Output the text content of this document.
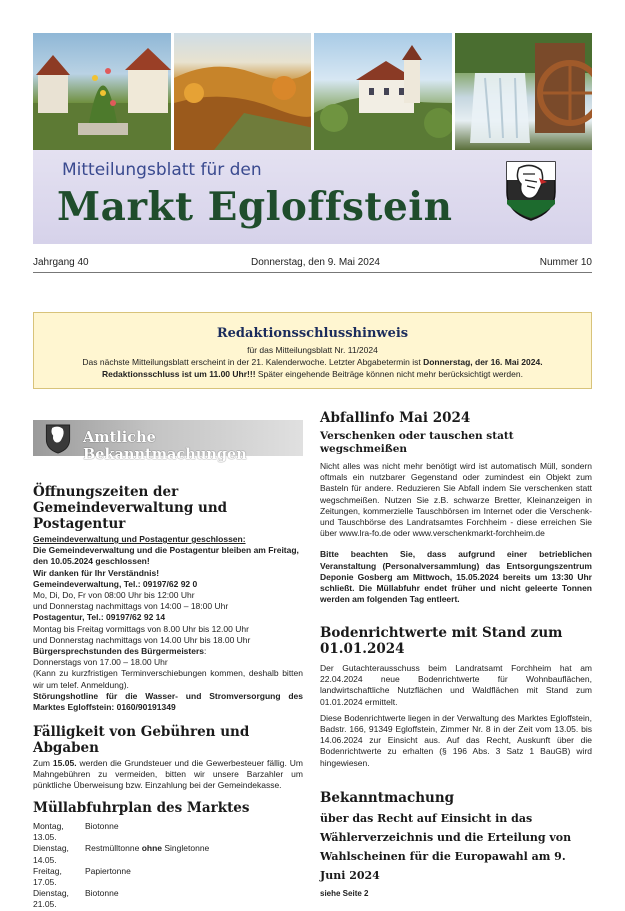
Mitteilungsblatt für den
Markt Egloffstein
Jahrgang 40	Donnerstag, den 9. Mai 2024	Nummer 10
Redaktionsschlusshinweis

für das Mitteilungsblatt Nr. 11/2024

Das nächste Mitteilungsblatt erscheint in der 21. Kalenderwoche. Letzter Abgabetermin ist Donnerstag, der 16. Mai 2024.

Redaktionsschluss ist um 11.00 Uhr!!! Später eingehende Beiträge können nicht mehr berücksichtigt werden.

Amtliche Bekanntmachungen
Öffnungszeiten der Gemeindeverwaltung und Postagentur
Gemeindeverwaltung und Postagentur geschlossen:
Die Gemeindeverwaltung und die Postagentur bleiben am Freitag, den 10.05.2024 geschlossen!
Wir danken für Ihr Verständnis!
Gemeindeverwaltung, Tel.: 09197/62 92 0
Mo, Di, Do, Fr von 08:00 Uhr bis 12:00 Uhr
und Donnerstag nachmittags von 14:00 – 18:00 Uhr
Postagentur, Tel.: 09197/62 92 14
Montag bis Freitag vormittags von 8.00 Uhr bis 12.00 Uhr
und Donnerstag nachmittags von 14.00 Uhr bis 18.00 Uhr
Bürgersprechstunden des Bürgermeisters:
Donnerstags von 17.00 – 18.00 Uhr
(Kann zu kurzfristigen Terminverschiebungen kommen, deshalb bitten wir um telef. Anmeldung).
Störungshotline für die Wasser- und Stromversorgung des Marktes Egloffstein: 0160/90191349
Fälligkeit von Gebühren und Abgaben
Zum 15.05. werden die Grundsteuer und die Gewerbesteuer fällig. Um Mahngebühren zu vermeiden, bitten wir unsere Barzahler um pünktliche Überweisung bzw. Einzahlung bei der Gemeindekasse.
Müllabfuhrplan des Marktes
Montag, 13.05.
Biotonne
Dienstag, 14.05.
Restmülltonne ohne Singletonne
Freitag, 17.05.
Papiertonne
Dienstag, 21.05.
Biotonne
Abfallinfo Mai 2024
Verschenken oder tauschen statt wegschmeißen

Nicht alles was nicht mehr benötigt wird ist automatisch Müll, sondern oftmals ein nutzbarer Gegenstand oder zumindest ein Objekt zum Basteln für andere. Reduzieren Sie Abfall indem Sie verschenken statt wegschmeißen. Nutzen Sie z.B. schwarze Bretter, Kleinanzeigen in Zeitungen, kommerzielle Tauschbörsen im Internet oder die Verschenk- und Tauschbörse des Landratsamtes Forchheim - diese erreichen Sie über www.lra-fo.de oder www.verschenkmarkt-forchheim.de

Bitte beachten Sie, dass aufgrund einer betrieblichen Veranstaltung (Personalversammlung) das Entsorgungszentrum Deponie Gosberg am Mittwoch, 15.05.2024 bereits um 13:30 Uhr schließt. Die Müllabfuhr endet früher und nicht geleerte Tonnen werden am folgenden Tag entleert.

Bodenrichtwerte mit Stand zum 01.01.2024

Der Gutachterausschuss beim Landratsamt Forchheim hat am 22.04.2024 neue Bodenrichtwerte für Wohnbauflächen, landwirtschaftliche Nutzflächen und Waldflächen mit Stand zum 01.01.2024 ermittelt.

Diese Bodenrichtwerte liegen in der Verwaltung des Marktes Egloffstein, Badstr. 166, 91349 Egloffstein, Zimmer Nr. 8 in der Zeit vom 13.05. bis 14.06.2024 zur Einsicht aus. Auf das Recht, Auskunft über die Bodenrichtwerte zu erhalten (§ 196 Abs. 3 Satz 1 BauGB) wird hingewiesen.

Bekanntmachung
über das Recht auf Einsicht in das Wählerverzeichnis und die Erteilung von Wahlscheinen für die Europawahl am 9. Juni 2024
siehe Seite 2
